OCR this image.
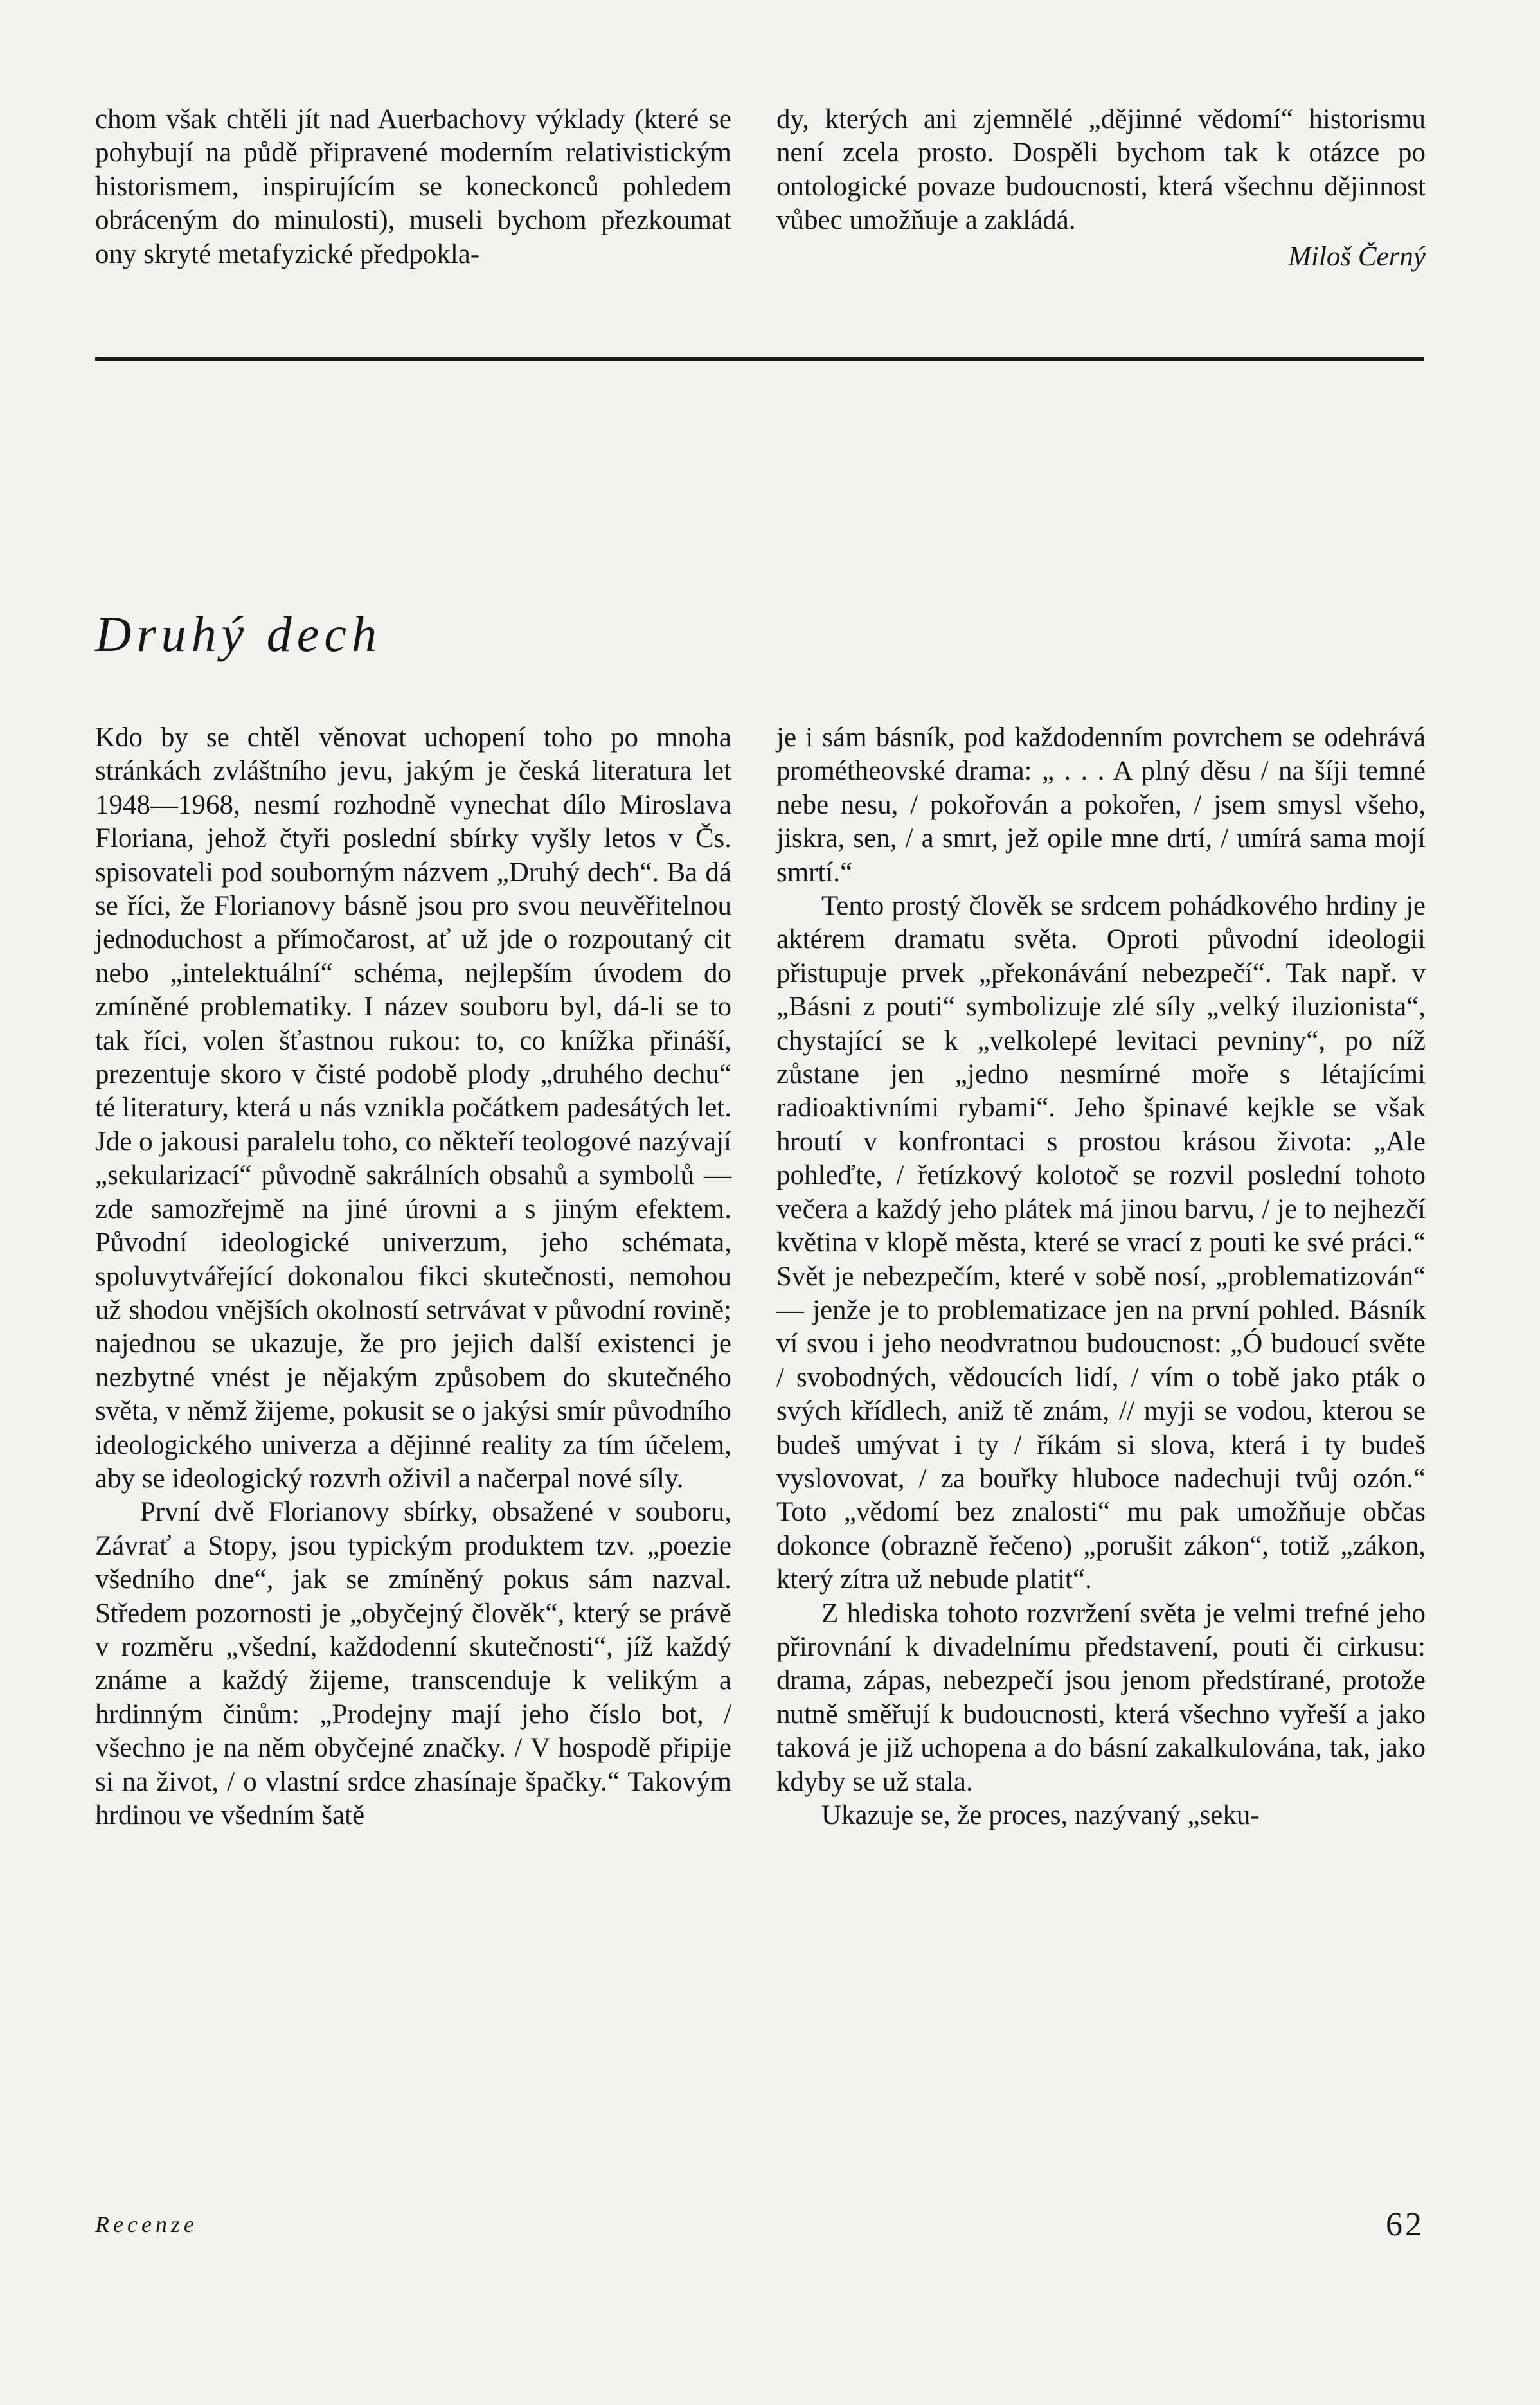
chom však chtěli jít nad Auerbachovy výklady (které se pohybují na půdě připravené moderním relativistickým historismem, inspirujícím se koneckonců pohledem obráceným do minulosti), museli bychom přezkoumat ony skryté metafyzické předpokla-

dy, kterých ani zjemnělé „dějinné vědomí“ historismu není zcela prosto. Dospěli bychom tak k otázce po ontologické povaze budoucnosti, která všechnu dějinnost vůbec umožňuje a zakládá.

Miloš Černý

Druhý dech

Kdo by se chtěl věnovat uchopení toho po mnoha stránkách zvláštního jevu, jakým je česká literatura let 1948—1968, nesmí rozhodně vynechat dílo Miroslava Floriana, jehož čtyři poslední sbírky vyšly letos v Čs. spisovateli pod souborným názvem „Druhý dech“. Ba dá se říci, že Florianovy básně jsou pro svou neuvěřitelnou jednoduchost a přímočarost, ať už jde o rozpoutaný cit nebo „intelektuální“ schéma, nejlepším úvodem do zmíněné problematiky. I název souboru byl, dá-li se to tak říci, volen šťastnou rukou: to, co knížka přináší, prezentuje skoro v čisté podobě plody „druhého dechu“ té literatury, která u nás vznikla počátkem padesátých let. Jde o jakousi paralelu toho, co někteří teologové nazývají „sekularizací“ původně sakrálních obsahů a symbolů — zde samozřejmě na jiné úrovni a s jiným efektem. Původní ideologické univerzum, jeho schémata, spoluvytvářející dokonalou fikci skutečnosti, nemohou už shodou vnějších okolností setrvávat v původní rovině; najednou se ukazuje, že pro jejich další existenci je nezbytné vnést je nějakým způsobem do skutečného světa, v němž žijeme, pokusit se o jakýsi smír původního ideologického univerza a dějinné reality za tím účelem, aby se ideologický rozvrh oživil a načerpal nové síly.

První dvě Florianovy sbírky, obsažené v souboru, Závrať a Stopy, jsou typickým produktem tzv. „poezie všedního dne“, jak se zmíněný pokus sám nazval. Středem pozornosti je „obyčejný člověk“, který se právě v rozměru „všední, každodenní skutečnosti“, jíž každý známe a každý žijeme, transcenduje k velikým a hrdinným činům: „Prodejny mají jeho číslo bot, / všechno je na něm obyčejné značky. / V hospodě připije si na život, / o vlastní srdce zhasínaje špačky.“ Takovým hrdinou ve všedním šatě

je i sám básník, pod každodenním povrchem se odehrává prométheovské drama: „ . . . A plný děsu / na šíji temné nebe nesu, / pokořován a pokořen, / jsem smysl všeho, jiskra, sen, / a smrt, jež opile mne drtí, / umírá sama mojí smrtí.“

Tento prostý člověk se srdcem pohádkového hrdiny je aktérem dramatu světa. Oproti původní ideologii přistupuje prvek „překonávání nebezpečí“. Tak např. v „Básni z pouti“ symbolizuje zlé síly „velký iluzionista“, chystající se k „velkolepé levitaci pevniny“, po níž zůstane jen „jedno nesmírné moře s létajícími radioaktivními rybami“. Jeho špinavé kejkle se však hroutí v konfrontaci s prostou krásou života: „Ale pohleďte, / řetízkový kolotoč se rozvil poslední tohoto večera a každý jeho plátek má jinou barvu, / je to nejhezčí květina v klopě města, které se vrací z pouti ke své práci.“ Svět je nebezpečím, které v sobě nosí, „problematizován“ — jenže je to problematizace jen na první pohled. Básník ví svou i jeho neodvratnou budoucnost: „Ó budoucí světe / svobodných, vědoucích lidí, / vím o tobě jako pták o svých křídlech, aniž tě znám, // myji se vodou, kterou se budeš umývat i ty / říkám si slova, která i ty budeš vyslovovat, / za bouřky hluboce nadechuji tvůj ozón.“ Toto „vědomí bez znalosti“ mu pak umožňuje občas dokonce (obrazně řečeno) „porušit zákon“, totiž „zákon, který zítra už nebude platit“.

Z hlediska tohoto rozvržení světa je velmi trefné jeho přirovnání k divadelnímu představení, pouti či cirkusu: drama, zápas, nebezpečí jsou jenom předstírané, protože nutně směřují k budoucnosti, která všechno vyřeší a jako taková je již uchopena a do básní zakalkulována, tak, jako kdyby se už stala.

Ukazuje se, že proces, nazývaný „seku-

Recenze	62
